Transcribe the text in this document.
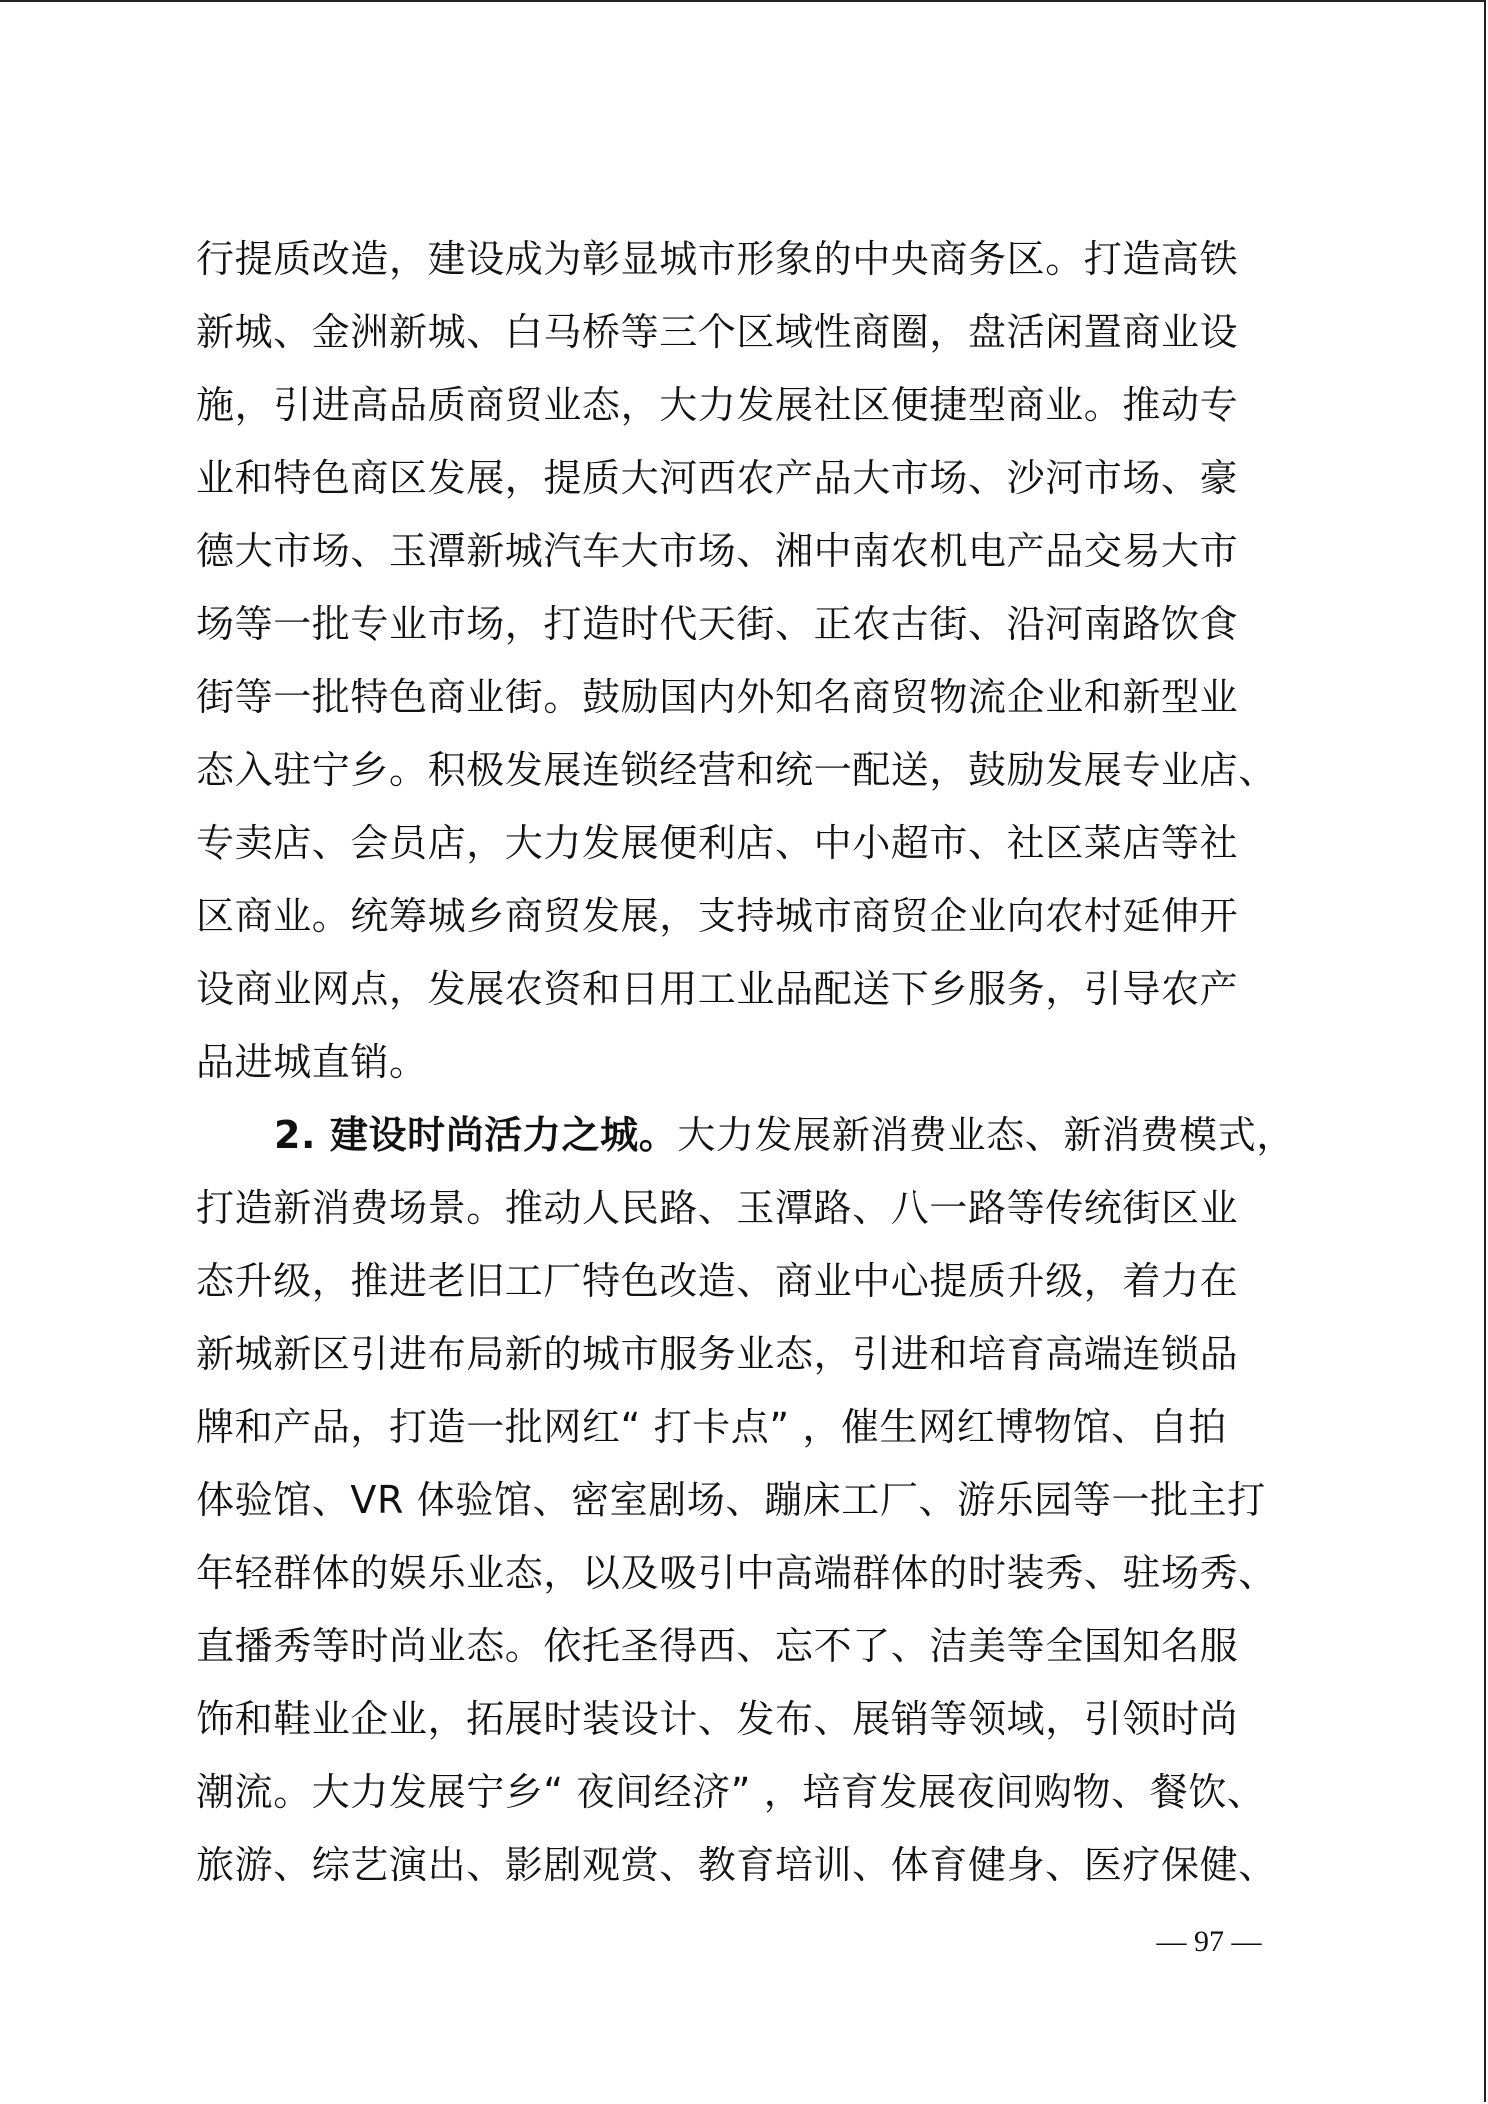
行提质改造，建设成为彰显城市形象的中央商务区。打造高铁
新城、金洲新城、白马桥等三个区域性商圈，盘活闲置商业设
施，引进高品质商贸业态，大力发展社区便捷型商业。推动专
业和特色商区发展，提质大河西农产品大市场、沙河市场、豪
德大市场、玉潭新城汽车大市场、湘中南农机电产品交易大市
场等一批专业市场，打造时代天街、正农古街、沿河南路饮食
街等一批特色商业街。鼓励国内外知名商贸物流企业和新型业
态入驻宁乡。积极发展连锁经营和统一配送，鼓励发展专业店、
专卖店、会员店，大力发展便利店、中小超市、社区菜店等社
区商业。统筹城乡商贸发展，支持城市商贸企业向农村延伸开
设商业网点，发展农资和日用工业品配送下乡服务，引导农产
品进城直销。
2. 建设时尚活力之城。大力发展新消费业态、新消费模式，
打造新消费场景。推动人民路、玉潭路、八一路等传统街区业
态升级，推进老旧工厂特色改造、商业中心提质升级，着力在
新城新区引进布局新的城市服务业态，引进和培育高端连锁品
牌和产品，打造一批网红“ 打卡点” ，催生网红博物馆、自拍
体验馆、VR 体验馆、密室剧场、蹦床工厂、游乐园等一批主打
年轻群体的娱乐业态，以及吸引中高端群体的时装秀、驻场秀、
直播秀等时尚业态。依托圣得西、忘不了、洁美等全国知名服
饰和鞋业企业，拓展时装设计、发布、展销等领域，引领时尚
潮流。大力发展宁乡“ 夜间经济” ，培育发展夜间购物、餐饮、
旅游、综艺演出、影剧观赏、教育培训、体育健身、医疗保健、
— 97 —
